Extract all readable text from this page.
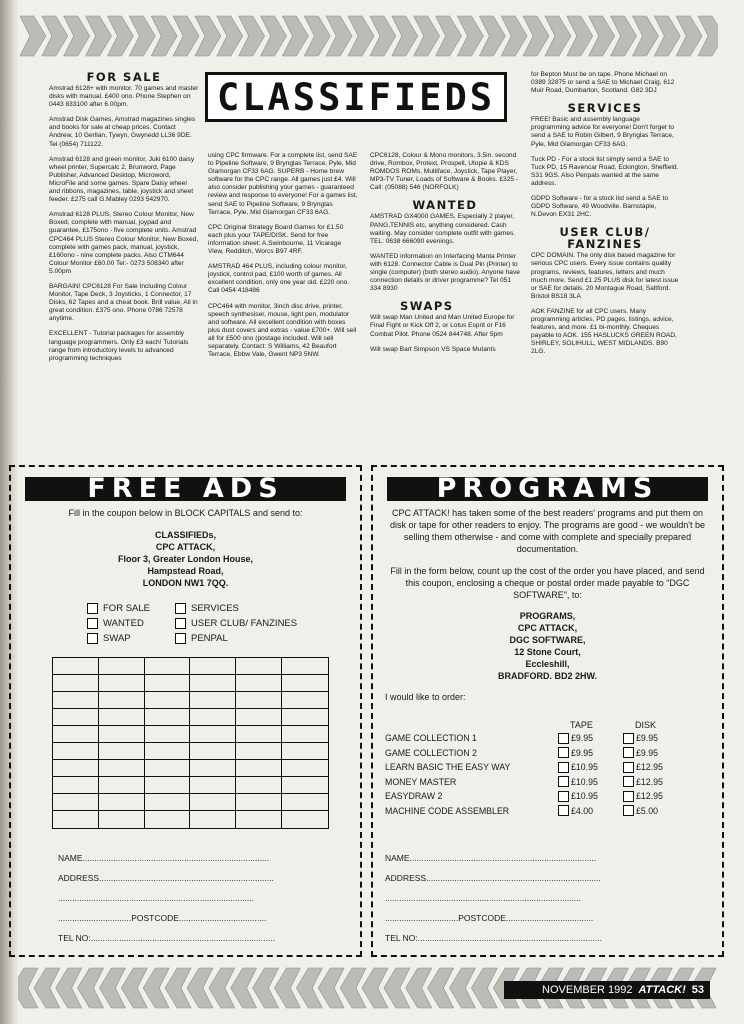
FOR SALE

Amstrad 6128+ with monitor. 70 games and master disks with manual. £400 ono. Phone Stephen on 0443 833100 after 6.00pm.

Amstrad Disk Games, Amstrad magazines singles and books for sale at cheap prices. Contact Andrew, 10 Gerllan, Tywyn, Gwynedd LL36 9DE. Tel (0654) 711122.

Amstrad 6128 and green monitor, Juki 6100 daisy wheel printer, Supercalc 2, Brunword, Page Publisher, Advanced Desktop, Microword, MicroFile and some games. Spare Daisy wheel and ribbons, magazines, table, joystick and sheet feeder. £275 call G.Mabley 0293 542970.

Amstrad 6128 PLUS, Stereo Colour Monitor, New Boxed, complete with manual, joypad and guarantee, £175ono - five complete units. Amstrad CPC464 PLUS Stereo Colour Monitor, New Boxed, complete with games pack, manual, joystick, £160ono - nine complete packs. Also CTM644 Colour Monitor £60.00 Tel:- 0273 508340 after 5.00pm

BARGAIN! CPC6128 For Sale Including Colour Monitor, Tape Deck, 3 Joysticks, 1 Connector, 17 Disks, 62 Tapes and a cheat book. Brill value, All in great condition. £375 ono. Phone 0786 72578 anytime.

EXCELLENT - Tutorial packages for assembly language programmers. Only £3 each! Tutorials range from introductory levels to advanced programming techniques

CLASSIFIEDS

using CPC firmware. For a complete list, send SAE to Pipeline Software, 9 Brynglas Terrace, Pyle, Mid Glamorgan CF33 6AG. SUPERB - Home brew software for the CPC range. All games just £4. Will also consider publishing your games - guaranteed review and response to everyone! For a games list, send SAE to Pipeline Software, 9 Brynglas Terrace, Pyle, Mid Glamorgan CF33 6AG.

CPC Original Strategy Board Games for £1.50 each plus your TAPE/DISK. Send for free information sheet: A.Swinbourne, 11 Vicarage View, Redditch, Worcs B97 4RF.

AMSTRAD 464 PLUS, including colour monitor, joystick, control pad, £100 worth of games. All excellent condition, only one year old. £220 ono. Call 0454 418486

CPC464 with monitor, 3inch disc drive, printer, speech synthesiser, mouse, light pen, modulator and software. All excellent condition with boxes plus dust covers and extras - value £700+. Will sell all for £500 ono (postage included. Will sell separately. Contact: S Williams, 42 Beaufort Terrace, Ebbw Vale, Gwent NP3 5NW.

CPC6128, Colour & Mono monitors, 3.5in. second drive, Rombox, Protext, Prospell, Utopie & KDS ROMDOS ROMs, Multiface, Joystick, Tape Player, MP3-TV Tuner, Loads of Software & Books. £325 - Call: (05088) 546 (NORFOLK)

WANTED

AMSTRAD GX4000 GAMES, Especially 2 player, PANG,TENNIS etc, anything considered. Cash waiting. May consider complete outfit with games. TEL: 0638 666090 evenings.

WANTED information on Interfacing Manta Printer with 6128. Connector Cable is Dual Pin (Printer) to single (computer) (both stereo audio). Anyone have connection details or driver programme? Tel 051 334 8930

SWAPS

Will swap Man United and Man United Europe for Final Fight or Kick Off 2, or Lotus Esprit or F16 Combat Pilot. Phone 0524 844748. After 5pm

Will swap Bart Simpson VS Space Mutants

for Bepton Must be on tape. Phone Michael on 0389 32875 or send a SAE to Michael Craig, 612 Muir Road, Dumbarton, Scotland. G82 3DJ

SERVICES

FREE! Basic and assembly language programming advice for everyone! Don't forget to send a SAE to Robin Gilbert, 9 Brynglas Terrace, Pyle, Mid Glamorgan CF33 6AG.

Tuck PD - For a stock list simply send a SAE to Tuck PD, 15 Ravencar Road, Eckington, Sheffield. S31 9GS. Also Penpals wanted at the same address.

GDPD Software - for a stock list send a SAE to GDPD Software, 49 Woodville. Barnstaple, N.Devon EX31 2HC.

USER CLUB/
FANZINES

CPC DOMAIN. The only disk based magazine for serious CPC users. Every issue contains quality programs, reviews, features, letters and much much more. Send £1.25 PLUS disk for latest issue or SAE for details. 20 Montague Road, Saltford. Bristol BS18 3LA

AOK FANZINE for all CPC users. Many programming articles, PD pages, listings, advice, features, and more. £1 bi-monthly. Cheques payable to AOK. 155 HASLUCKS GREEN ROAD, SHIRLEY, SOLIHULL, WEST MIDLANDS. B90 2LG.

FREE ADS
Fill in the coupon below in BLOCK CAPITALS and send to:
CLASSIFIEDs,
CPC ATTACK,
Floor 3, Greater London House,
Hampstead Road,
LONDON NW1 7QQ.
FOR SALE
WANTED
SWAP
SERVICES
USER CLUB/ FANZINES
PENPAL
NAME...............................................................................
ADDRESS..........................................................................
...................................................................................
...............................POSTCODE.....................................
TEL NO:..............................................................................
PROGRAMS
CPC ATTACK! has taken some of the best readers' programs and put them on disk or tape for other readers to enjoy. The programs are good - we wouldn't be selling them otherwise - and come with complete and specially prepared documentation.
Fill in the form below, count up the cost of the order you have placed, and send this coupon, enclosing a cheque or postal order made payable to "DGC SOFTWARE", to:
PROGRAMS,
CPC ATTACK,
DGC SOFTWARE,
12 Stone Court,
Eccleshill,
BRADFORD. BD2 2HW.
I would like to order:
TAPE	DISK
GAME COLLECTION 1	£9.95	£9.95
GAME COLLECTION 2	£9.95	£9.95
LEARN BASIC THE EASY WAY	£10.95	£12.95
MONEY MASTER	£10.95	£12.95
EASYDRAW 2	£10.95	£12.95
MACHINE CODE ASSEMBLER	£4.00	£5.00
NAME...............................................................................
ADDRESS..........................................................................
...................................................................................
...............................POSTCODE.....................................
TEL NO:..............................................................................
NOVEMBER 1992 ATTACK! 53
